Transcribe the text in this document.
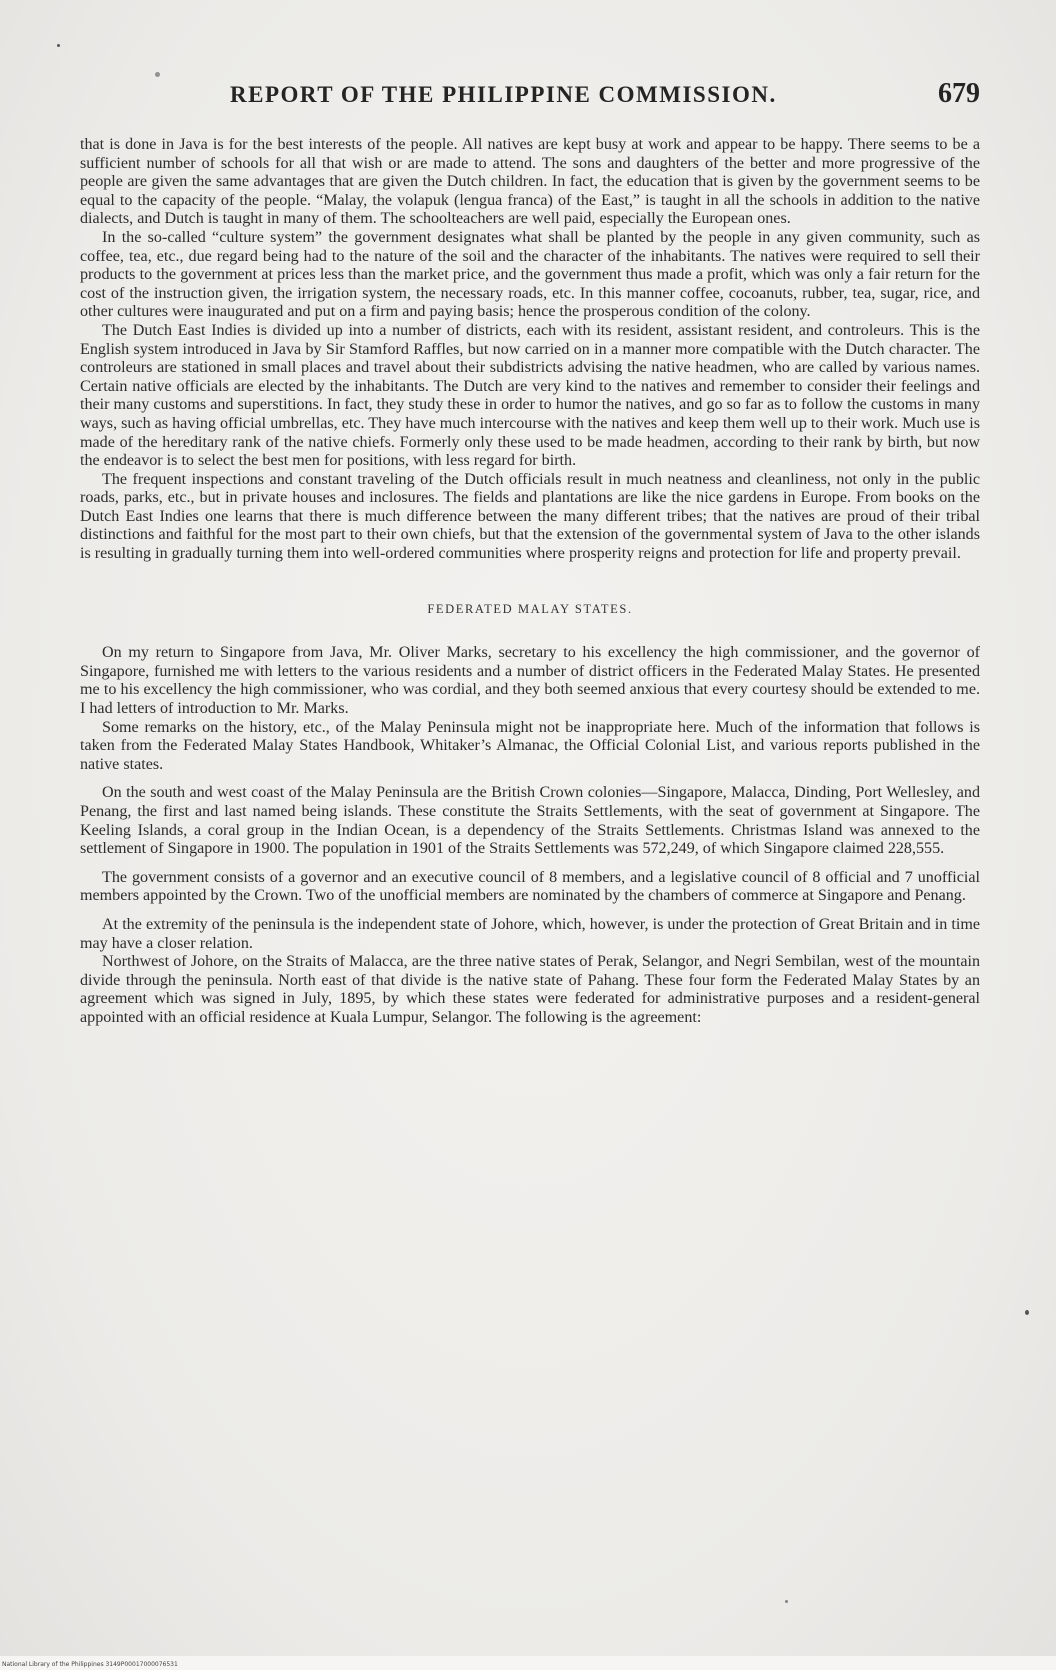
REPORT OF THE PHILIPPINE COMMISSION.	679

that is done in Java is for the best interests of the people. All natives are kept busy at work and appear to be happy. There seems to be a sufficient number of schools for all that wish or are made to attend. The sons and daughters of the better and more progressive of the people are given the same advantages that are given the Dutch children. In fact, the education that is given by the government seems to be equal to the capacity of the people. “Malay, the volapuk (lengua franca) of the East,” is taught in all the schools in addition to the native dialects, and Dutch is taught in many of them. The schoolteachers are well paid, especially the European ones.

In the so-called “culture system” the government designates what shall be planted by the people in any given community, such as coffee, tea, etc., due regard being had to the nature of the soil and the character of the inhabitants. The natives were required to sell their products to the government at prices less than the market price, and the government thus made a profit, which was only a fair return for the cost of the instruction given, the irrigation system, the necessary roads, etc. In this manner coffee, cocoanuts, rubber, tea, sugar, rice, and other cultures were inaugurated and put on a firm and paying basis; hence the prosperous condition of the colony.

The Dutch East Indies is divided up into a number of districts, each with its resident, assistant resident, and controleurs. This is the English system introduced in Java by Sir Stamford Raffles, but now carried on in a manner more compatible with the Dutch character. The controleurs are stationed in small places and travel about their subdistricts advising the native headmen, who are called by various names. Certain native officials are elected by the inhabitants. The Dutch are very kind to the natives and remember to consider their feelings and their many customs and superstitions. In fact, they study these in order to humor the natives, and go so far as to follow the customs in many ways, such as having official umbrellas, etc. They have much intercourse with the natives and keep them well up to their work. Much use is made of the hereditary rank of the native chiefs. Formerly only these used to be made headmen, according to their rank by birth, but now the endeavor is to select the best men for positions, with less regard for birth.

The frequent inspections and constant traveling of the Dutch officials result in much neatness and cleanliness, not only in the public roads, parks, etc., but in private houses and inclosures. The fields and plantations are like the nice gardens in Europe. From books on the Dutch East Indies one learns that there is much difference between the many different tribes; that the natives are proud of their tribal distinctions and faithful for the most part to their own chiefs, but that the extension of the governmental system of Java to the other islands is resulting in gradually turning them into well-ordered communities where prosperity reigns and protection for life and property prevail.

FEDERATED MALAY STATES.

On my return to Singapore from Java, Mr. Oliver Marks, secretary to his excellency the high commissioner, and the governor of Singapore, furnished me with letters to the various residents and a number of district officers in the Federated Malay States. He presented me to his excellency the high commissioner, who was cordial, and they both seemed anxious that every courtesy should be extended to me. I had letters of introduction to Mr. Marks.

Some remarks on the history, etc., of the Malay Peninsula might not be inappropriate here. Much of the information that follows is taken from the Federated Malay States Handbook, Whitaker’s Almanac, the Official Colonial List, and various reports published in the native states.

On the south and west coast of the Malay Peninsula are the British Crown colonies—Singapore, Malacca, Dinding, Port Wellesley, and Penang, the first and last named being islands. These constitute the Straits Settlements, with the seat of government at Singapore. The Keeling Islands, a coral group in the Indian Ocean, is a dependency of the Straits Settlements. Christmas Island was annexed to the settlement of Singapore in 1900. The population in 1901 of the Straits Settlements was 572,249, of which Singapore claimed 228,555.

The government consists of a governor and an executive council of 8 members, and a legislative council of 8 official and 7 unofficial members appointed by the Crown. Two of the unofficial members are nominated by the chambers of commerce at Singapore and Penang.

At the extremity of the peninsula is the independent state of Johore, which, however, is under the protection of Great Britain and in time may have a closer relation.

Northwest of Johore, on the Straits of Malacca, are the three native states of Perak, Selangor, and Negri Sembilan, west of the mountain divide through the peninsula. North east of that divide is the native state of Pahang. These four form the Federated Malay States by an agreement which was signed in July, 1895, by which these states were federated for administrative purposes and a resident-general appointed with an official residence at Kuala Lumpur, Selangor. The following is the agreement:

National Library of the Philippines 3149P00017000076531
